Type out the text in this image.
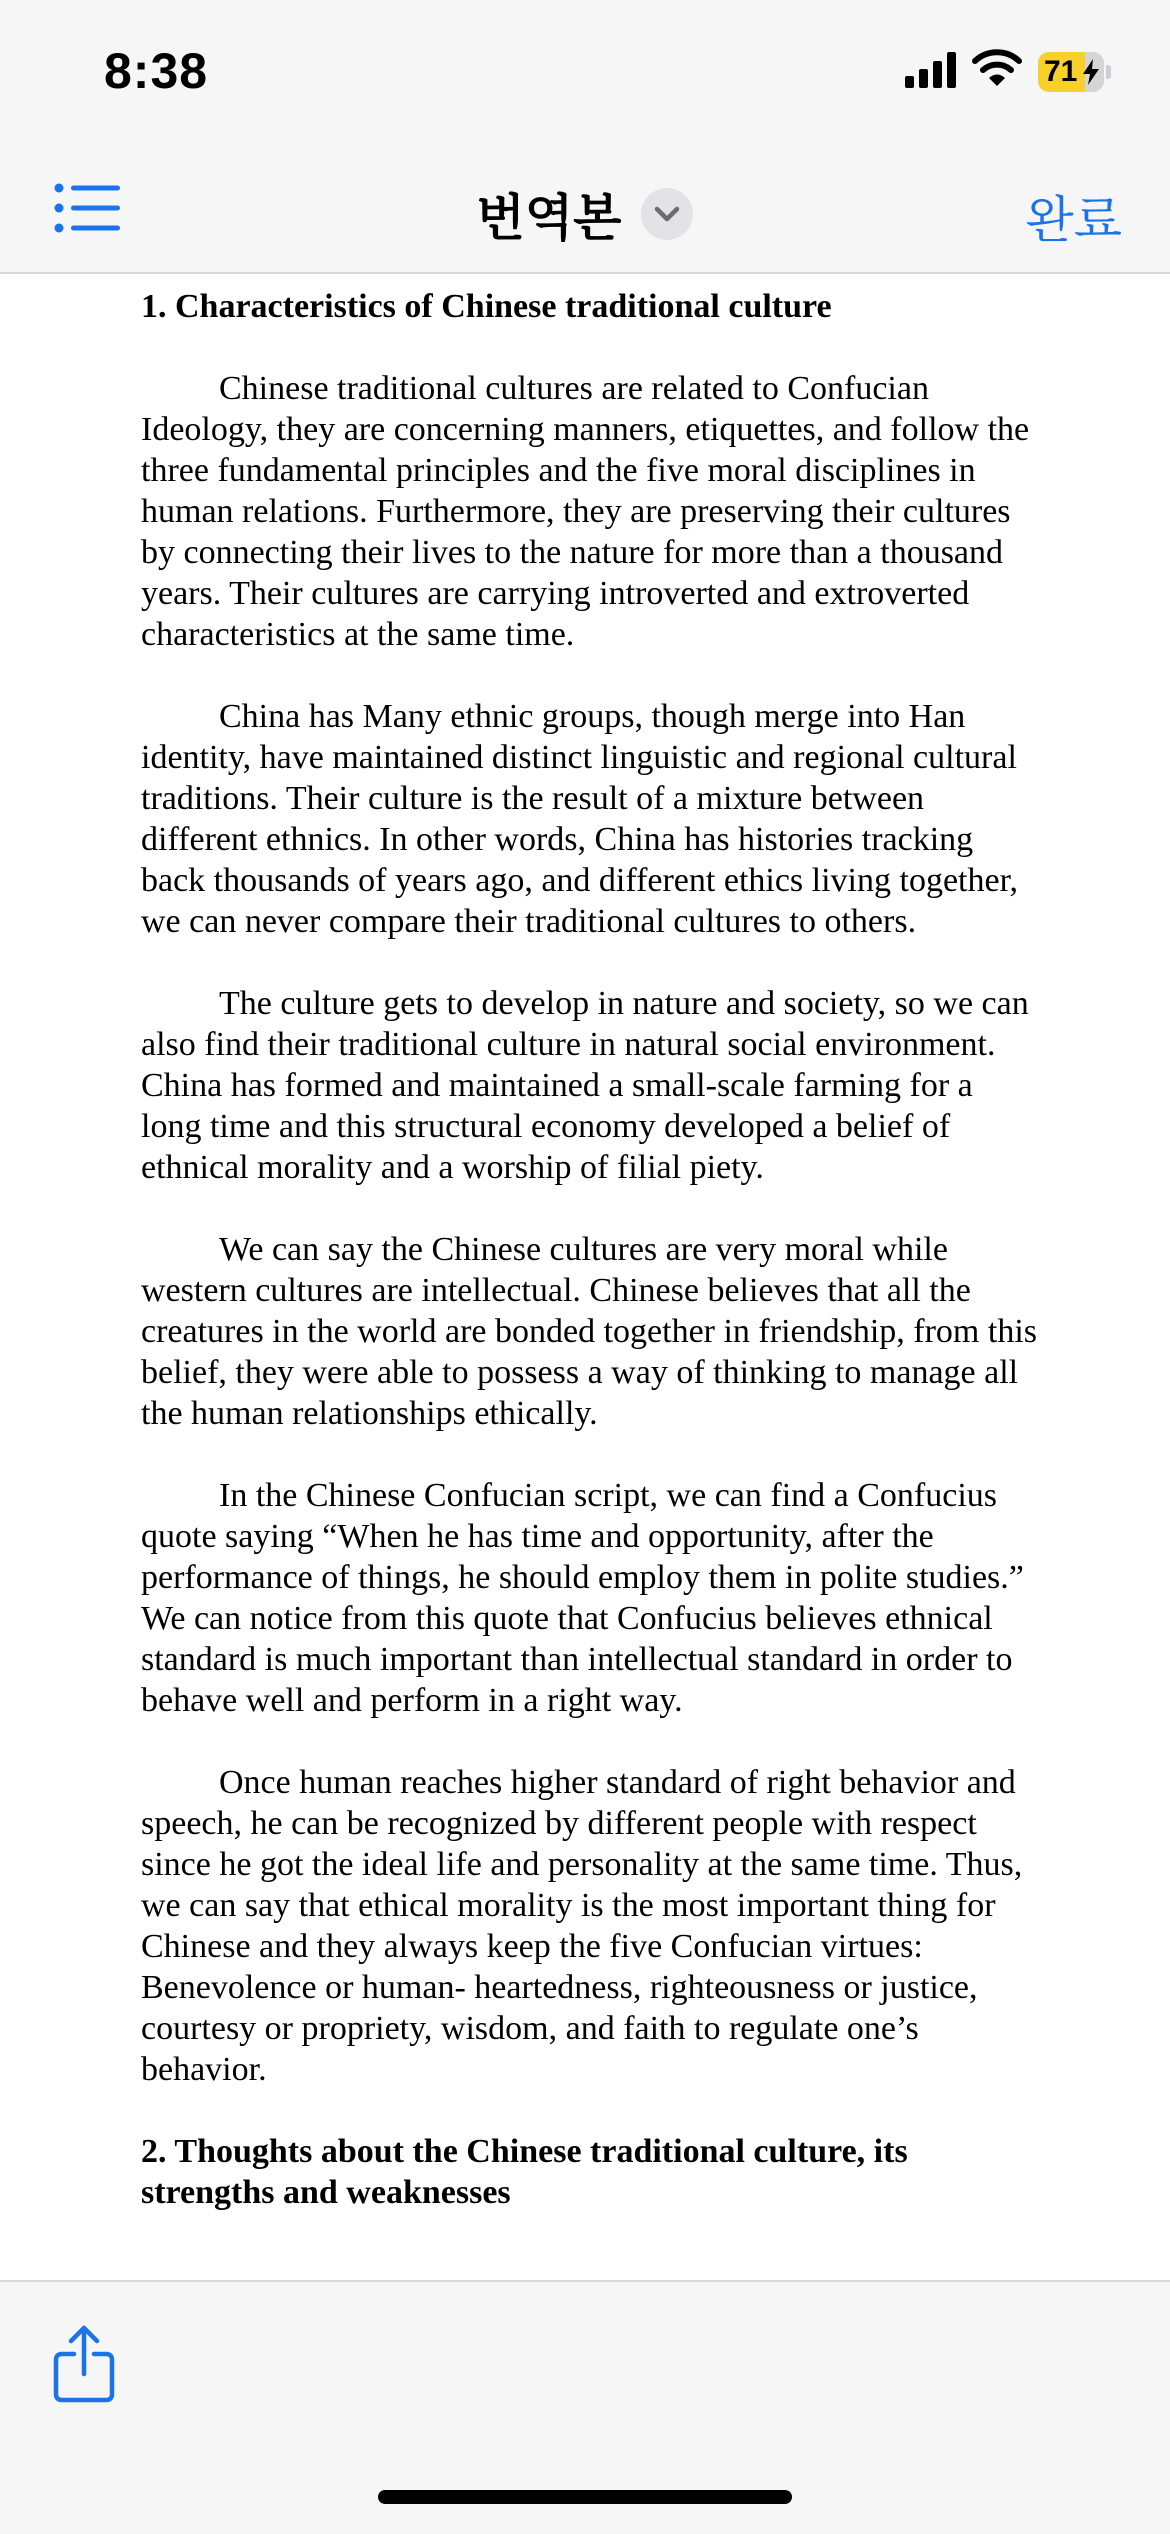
8:38	71
번역본	완료

1. Characteristics of Chinese traditional culture

Chinese traditional cultures are related to Confucian Ideology, they are concerning manners, etiquettes, and follow the three fundamental principles and the five moral disciplines in human relations. Furthermore, they are preserving their cultures by connecting their lives to the nature for more than a thousand years. Their cultures are carrying introverted and extroverted characteristics at the same time.

China has Many ethnic groups, though merge into Han identity, have maintained distinct linguistic and regional cultural traditions. Their culture is the result of a mixture between different ethnics. In other words, China has histories tracking back thousands of years ago, and different ethics living together, we can never compare their traditional cultures to others.

The culture gets to develop in nature and society, so we can also find their traditional culture in natural social environment. China has formed and maintained a small-scale farming for a long time and this structural economy developed a belief of ethnical morality and a worship of filial piety.

We can say the Chinese cultures are very moral while western cultures are intellectual. Chinese believes that all the creatures in the world are bonded together in friendship, from this belief, they were able to possess a way of thinking to manage all the human relationships ethically.

In the Chinese Confucian script, we can find a Confucius quote saying “When he has time and opportunity, after the performance of things, he should employ them in polite studies.” We can notice from this quote that Confucius believes ethnical standard is much important than intellectual standard in order to behave well and perform in a right way.

Once human reaches higher standard of right behavior and speech, he can be recognized by different people with respect since he got the ideal life and personality at the same time. Thus, we can say that ethical morality is the most important thing for Chinese and they always keep the five Confucian virtues: Benevolence or human- heartedness, righteousness or justice, courtesy or propriety, wisdom, and faith to regulate one’s behavior.

2. Thoughts about the Chinese traditional culture, its strengths and weaknesses
